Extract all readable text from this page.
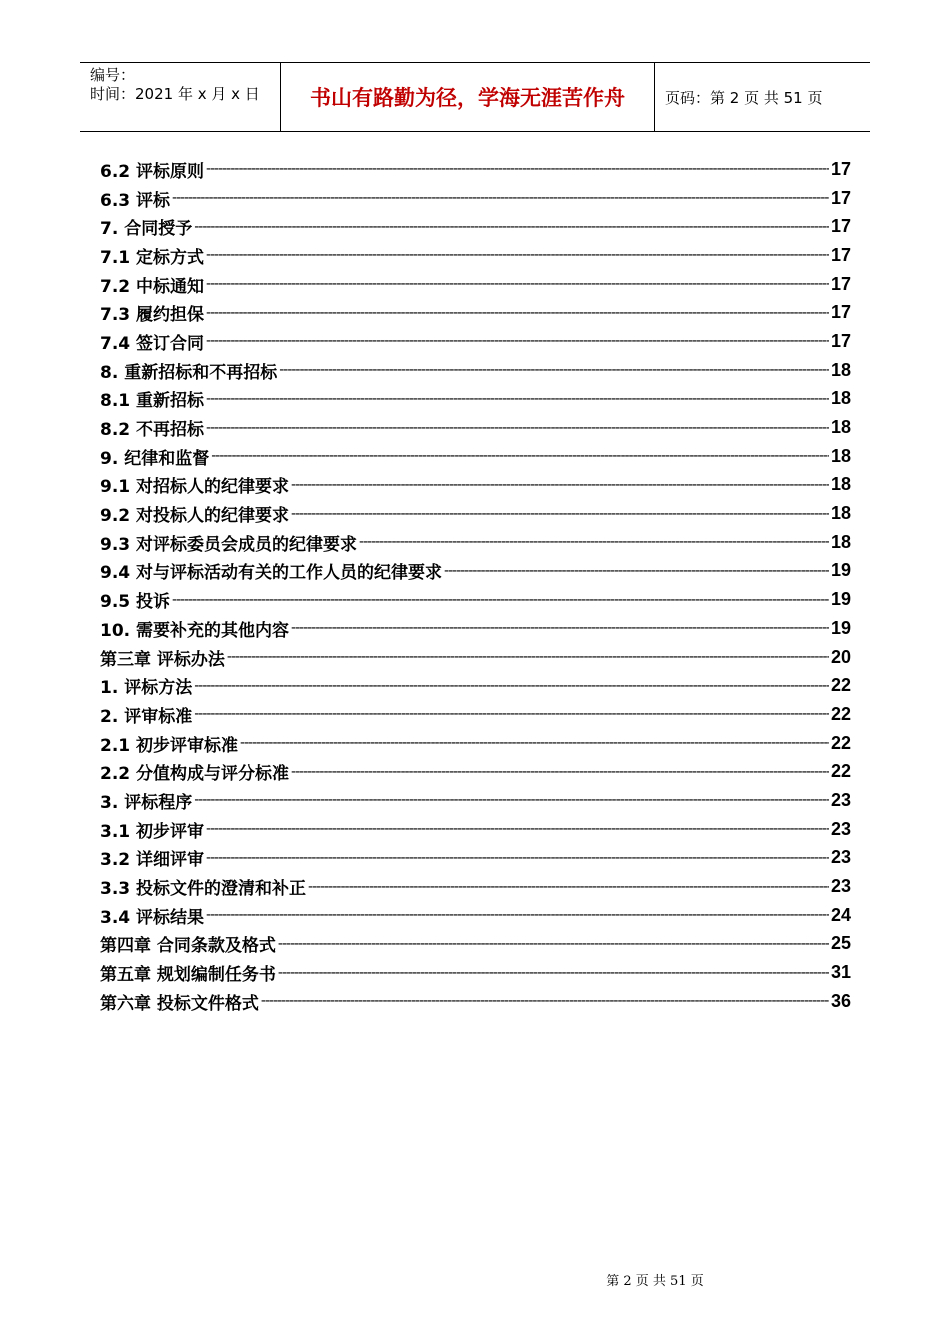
编号：
时间：2021 年 x 月 x 日	书山有路勤为径，学海无涯苦作舟	页码：第 2 页 共 51 页
6.2 评标原则 -----	17
6.3 评标 -----	17
7. 合同授予 -----	17
7.1 定标方式 -----	17
7.2 中标通知 -----	17
7.3 履约担保 -----	17
7.4 签订合同 -----	17
8. 重新招标和不再招标 -----	18
8.1 重新招标 -----	18
8.2 不再招标 -----	18
9. 纪律和监督 -----	18
9.1 对招标人的纪律要求 -----	18
9.2 对投标人的纪律要求 -----	18
9.3 对评标委员会成员的纪律要求 -----	18
9.4 对与评标活动有关的工作人员的纪律要求 -----	19
9.5 投诉 -----	19
10. 需要补充的其他内容 -----	19
第三章 评标办法 -----	20
1. 评标方法 -----	22
2. 评审标准 -----	22
2.1 初步评审标准 -----	22
2.2 分值构成与评分标准 -----	22
3. 评标程序 -----	23
3.1 初步评审 -----	23
3.2 详细评审 -----	23
3.3 投标文件的澄清和补正 -----	23
3.4 评标结果 -----	24
第四章 合同条款及格式 -----	25
第五章 规划编制任务书 -----	31
第六章 投标文件格式 -----	36
第 2 页 共 51 页
